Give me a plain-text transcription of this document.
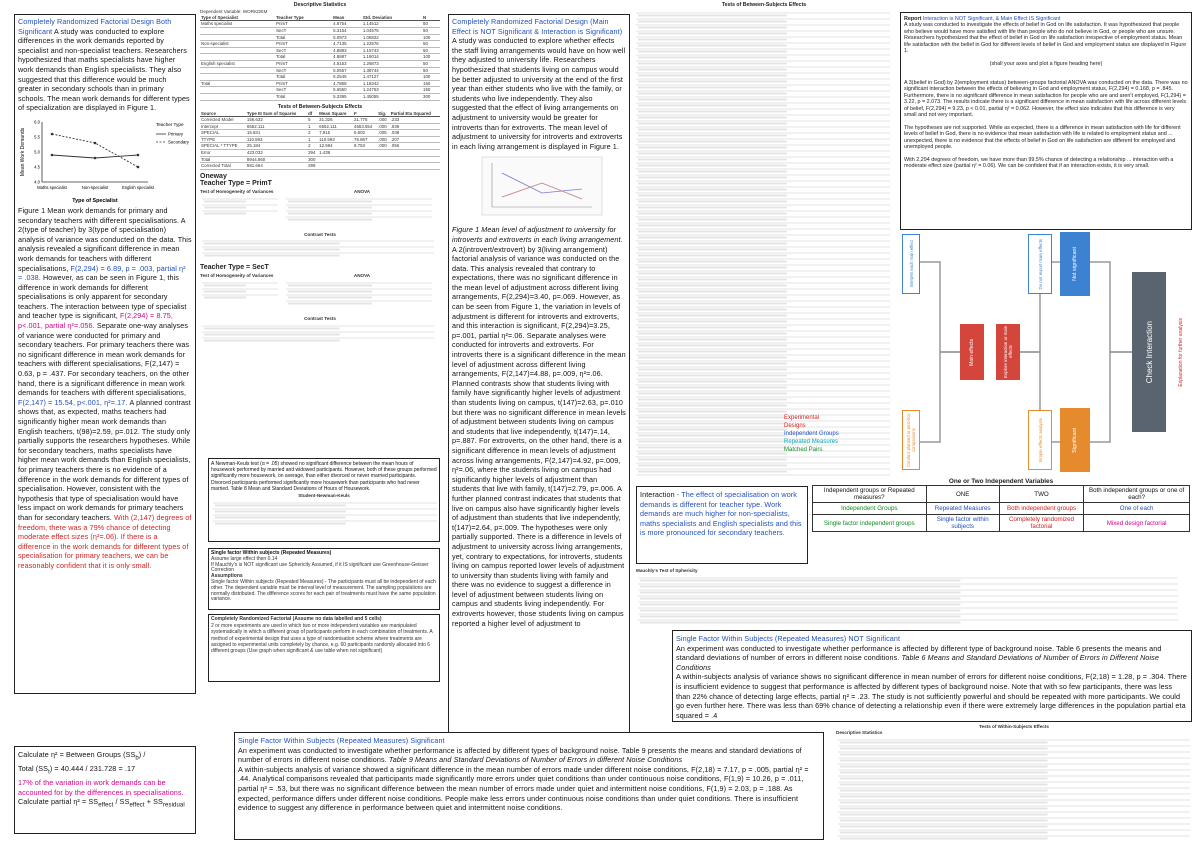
Completely Randomized Factorial Design Both Significant A study was conducted to explore differences in the work demands reported by specialist and non-specialist teachers. Researchers hypothesized that maths specialists have higher work demands than English specialists. They also suggested that this difference would be much greater in secondary schools than in primary schools. The mean work demands for different types of specialization are displayed in Figure 1.
Mean Work Demands
Type of Specialist
4.0
4.5
5.0
5.5
6.0
Maths specialist	Non-specialist	English specialist
Primary
Secondary
Teacher Type
Figure 1 Mean work demands for primary and secondary teachers with different specialisations. A 2(type of teacher) by 3(type of specialisation) analysis of variance was conducted on the data. This analysis revealed a significant difference in mean work demands for teachers with different specialisations, F(2,294) = 6.89, p = .003, partial η² = .038. However, as can be seen in Figure 1, this difference in work demands for different specialisations is only apparent for secondary teachers. The interaction between type of specialist and teacher type is significant, F(2,294) = 8.75, p<.001, partial η²=.056. Separate one-way analyses of variance were conducted for primary and secondary teachers. For primary teachers there was no significant difference in mean work demands for teachers with different specialisations, F(2,147) = 0.63, p = .437. For secondary teachers, on the other hand, there is a significant difference in mean work demands for teachers with different specialisations, F(2,147) = 15.54, p<.001, η²=.17. A planned contrast shows that, as expected, maths teachers had significantly higher mean work demands than English teachers, t(98)=2.59, p=.012. The study only partially supports the researchers hypotheses. While for secondary teachers, maths specialists have higher mean work demands than English specialists, for primary teachers there is no evidence of a difference in the work demands for different types of specialisation. However, consistent with the hypothesis that type of specialisation would have less impact on work demands for primary teachers than for secondary teachers. With (2,147) degrees of freedom, there was a 79% chance of detecting moderate effect sizes (η²=.06). If there is a difference in the work demands for different types of specialisation for primary teachers, we can be reasonably confident that it is only small.
Calculate η² = Between Groups $(SS_b)$ /
Total $(SS_t) = 40.444 / 231.728 = .17$
17% of the variation in work demands can be accounted for by the differences in specialisations.
Calculate partial $\eta^2 = SS_{effect} / SS_{effect} + SS_{residual}$
Descriptive Statistics
Dependent Variable: WORKDEM
Type of Specialist	Teacher Type	Mean	Std. Deviation	N
Maths specialist	PrimT	4.8754	1.14512	50
	SecT	5.3154	1.04575	50
	Total	5.0973	1.06822	100
Non-specialist	PrimT	4.7135	1.22576	50
	SecT	4.8883	1.15743	50
	Total	4.8887	1.16014	100
English specialist	PrimT	4.5153	1.26873	50
	SecT	5.0557	1.38744	50
	Total	5.2545	1.47127	100
Total	PrimT	4.7868	1.18342	150
	SecT	5.6550	1.24753	150
	Total	5.3395	1.45055	300
Tests of Between-Subjects Effects
Source	Type III Sum of Squares	df	Mean Square	F	Sig.	Partial Eta Squared
Corrected Model	156.632	5	31.326	21.775	.000	.233
Intercept	6552.111	1	6552.111	4553.554	.000	.939
SPECIAL	15.831	2	7.915	5.502	.005	.038
TTYPE	110.593	1	110.593	76.867	.000	.207
SPECIAL * TTYPE	25.184	2	12.594	8.753	.000	.056
Error	423.032	294	1.439			
Total	8944.860	300				
Corrected Total	581.664	299				
Oneway
Teacher Type = PrimT
Test of Homogeneity of Variances	ANOVA
Contrast Tests
Teacher Type = SecT
Test of Homogeneity of Variances	ANOVA
Contrast Tests
A Newman-Keuls test (α = .05) showed no significant difference between the mean hours of housework performed by married and widowed participants. However, both of these groups performed significantly more housework, on average, than either divorced or never married participants. Divorced participants performed significantly more housework than participants who had never married. Table 8 Mean and Standard Deviations of Hours of Housework.
Student-Newman-Keuls
Single factor Within subjects (Repeated Measures)
Assume large effect then 0.14
If Mauchly's is NOT significant use Sphericity Assumed, if it IS significant use Greenhouse-Geisser Correction
Assumptions
Single factor Within subjects (Repeated Measures) - The participants must all be independent of each other. The dependent variable must be interval level of measurement. The sampling populations are normally distributed. The difference scores for each pair of treatments must have the same population variance.
Completely Randomized Factorial (Assume no data labelled and 5 cells)
2 or more experiments are used in which two or more independent variables are manipulated systematically in which a different group of participants perform in each combination of treatments. A method of experimental design that uses a type of randomisation scheme where treatments are assigned to experimental units completely by chance, e.g. 60 participants randomly allocated into 6 different groups (Use graph when significant & use table when not significant)
Completely Randomized Factorial Design (Main Effect is NOT Significant & Interaction is Significant) A study was conducted to explore whether effects the staff living arrangements would have on how well they adjusted to university life. Researchers hypothesized that students living on campus would be better adjusted to university at the end of the first year than either students who live with the family, or students who live independently. They also suggested that the effect of living arrangements on adjustment to university would be greater for introverts than for extroverts. The mean level of adjustment to university for introverts and extroverts in each living arrangement is displayed in Figure 1.
Figure 1 Mean level of adjustment to university for introverts and extroverts in each living arrangement. A 2(introvert/extrovert) by 3(living arrangement) factorial analysis of variance was conducted on the data. This analysis revealed that contrary to expectations, there was no significant difference in the mean level of adjustment across different living arrangements, F(2,294)=3.40, p=.069. However, as can be seen from Figure 1, the variation in levels of adjustment is different for introverts and extroverts, and this interaction is significant, F(2,294)=3.25, p=.001, partial η²=.06. Separate analyses were conducted for introverts and extroverts. For introverts there is a significant difference in the mean level of adjustment across different living arrangements, F(2,147)=4.88, p=.009, η²=.06. Planned contrasts show that students living with family have significantly higher levels of adjustment than students living on campus, t(147)=2.63, p=.010 but there was no significant difference in mean levels of adjustment between students living on campus and students that live independently, t(147)=.14, p=.887. For extroverts, on the other hand, there is a significant difference in mean levels of adjustment across living arrangements, F(2,147)=4.92, p=.009, η²=.06, where the students living on campus had significantly higher levels of adjustment than students that live with family, t(147)=2.79, p=.006. A further planned contrast indicates that students that live on campus also have significantly higher levels of adjustment than students that live independently, t(147)=2.64, p=.009. The hypotheses were only partially supported. There is a difference in levels of adjustment to university across living arrangements, yet, contrary to expectations, for introverts, students living on campus reported lower levels of adjustment to university than students living with family and there was no evidence to suggest a difference in level of adjustment between students living on campus and students living independently. For extroverts however, those students living on campus reported a higher level of adjustment to
Tests of Between-Subjects Effects
Experimental
Designs
Independent Groups
Repeated Measures
Matched Pairs
Interaction - The effect of specialisation on work demands is different for teacher type. Work demands are much higher for non-specialists, maths specialists and English specialists and this is more pronounced for secondary teachers.
One or Two Independent Variables
Independent groups or Repeated measures?	ONE	TWO	Both independent groups or one of each?
Independent Groups	Repeated Measures	Both independent groups	One of each
Single factor independent groups	Single factor within subjects	Completely randomized factorial	Mixed design factorial
Mauchly's Test of Sphericity
Single Factor Within Subjects (Repeated Measures) NOT Significant
An experiment was conducted to investigate whether performance is affected by different type of background noise. Table 6 presents the means and standard deviations of number of errors in different noise conditions. Table 6 Means and Standard Deviations of Number of Errors in Different Noise Conditions
A within-subjects analysis of variance shows no significant difference in mean number of errors for different noise conditions, F(2,18) = 1.28, p = .304. There is insufficient evidence to suggest that performance is affected by different types of background noise. Note that with so few participants, there was less than 22% chance of detecting large effects, partial η² = .23. The study is not sufficiently powerful and should be repeated with more participants. We could go even further here. There was less than 69% chance of detecting a relationship even if there were extremely large differences in the population partial eta squared = .4
Report Interaction is NOT Significant, & Main Effect IS Significant
A study was conducted to investigate the effects of belief in God on life satisfaction. It was hypothesized that people who believe would have more satisfied with life than people who do not believe in God, or people who are unsure. Researchers hypothesized that the effect of belief in God on life satisfaction irrespective of employment status. Mean life satisfaction with the belief in God for different levels of belief in God and employment status are displayed in Figure 1.

(shall your axes and plot a figure heading here)

A 3(belief in God) by 2(employment status) between-groups factorial ANOVA was conducted on the data. There was no significant interaction between the effects of believing in God and employment status, F(2,294) = 0.168, p = .845. Furthermore, there is no significant difference in mean satisfaction for people who are and aren't employed, F(1,294) = 3.22, p = 2.073. The results indicate there is a significant difference in mean satisfaction with life across different levels of belief, F(2,294) = 9.23, p < 0.01, partial η² = 0.062. However, the effect size indicates that this difference is very small and not very important.

The hypotheses are not supported. While as expected, there is a difference in mean satisfaction with life for different levels of belief in God, there is no evidence that mean satisfaction with life is related to employment status and ... unexpected, there is no evidence that the effects of belief in God on life satisfaction are different for employed and unemployed people.

With 2,294 degrees of freedom, we have more than 99.5% chance of detecting a relationship ... interaction with a moderate effect size (partial η² = 0.06). We can be confident that if an interaction exists, it is very small.
Check Interaction	Explanation for further analysis
Not significant
Significant
Explore interaction or main effects
Main effects
Do not report main effects
Simple effects analysis
Interpret each main effect
Conduct planned or post-hoc comparisons
Tests of Within-Subjects Effects
Descriptive Statistics
Single Factor Within Subjects (Repeated Measures) Significant
An experiment was conducted to investigate whether performance is affected by different types of background noise. Table 9 presents the means and standard deviations of number of errors in different noise conditions. Table 9 Means and Standard Deviations of Number of Errors in different Noise Conditions
A within-subjects analysis of variance showed a significant difference in the mean number of errors made under different noise conditions, F(2,18) = 7.17, p = .005, partial η² = .44. Analytical comparisons revealed that participants made significantly more errors under quiet conditions than under continuous noise conditions, F(1,9) = 10.26, p = .011, partial η² = .53, but there was no significant difference between the mean number of errors made under quiet and intermittent noise conditions, F(1,9) = 2.03, p = .188. As expected, performance differs under different noise conditions. People make less errors under continuous noise conditions than under quiet conditions. There is insufficient evidence to suggest any difference in performance between quiet and intermittent noise conditions.
